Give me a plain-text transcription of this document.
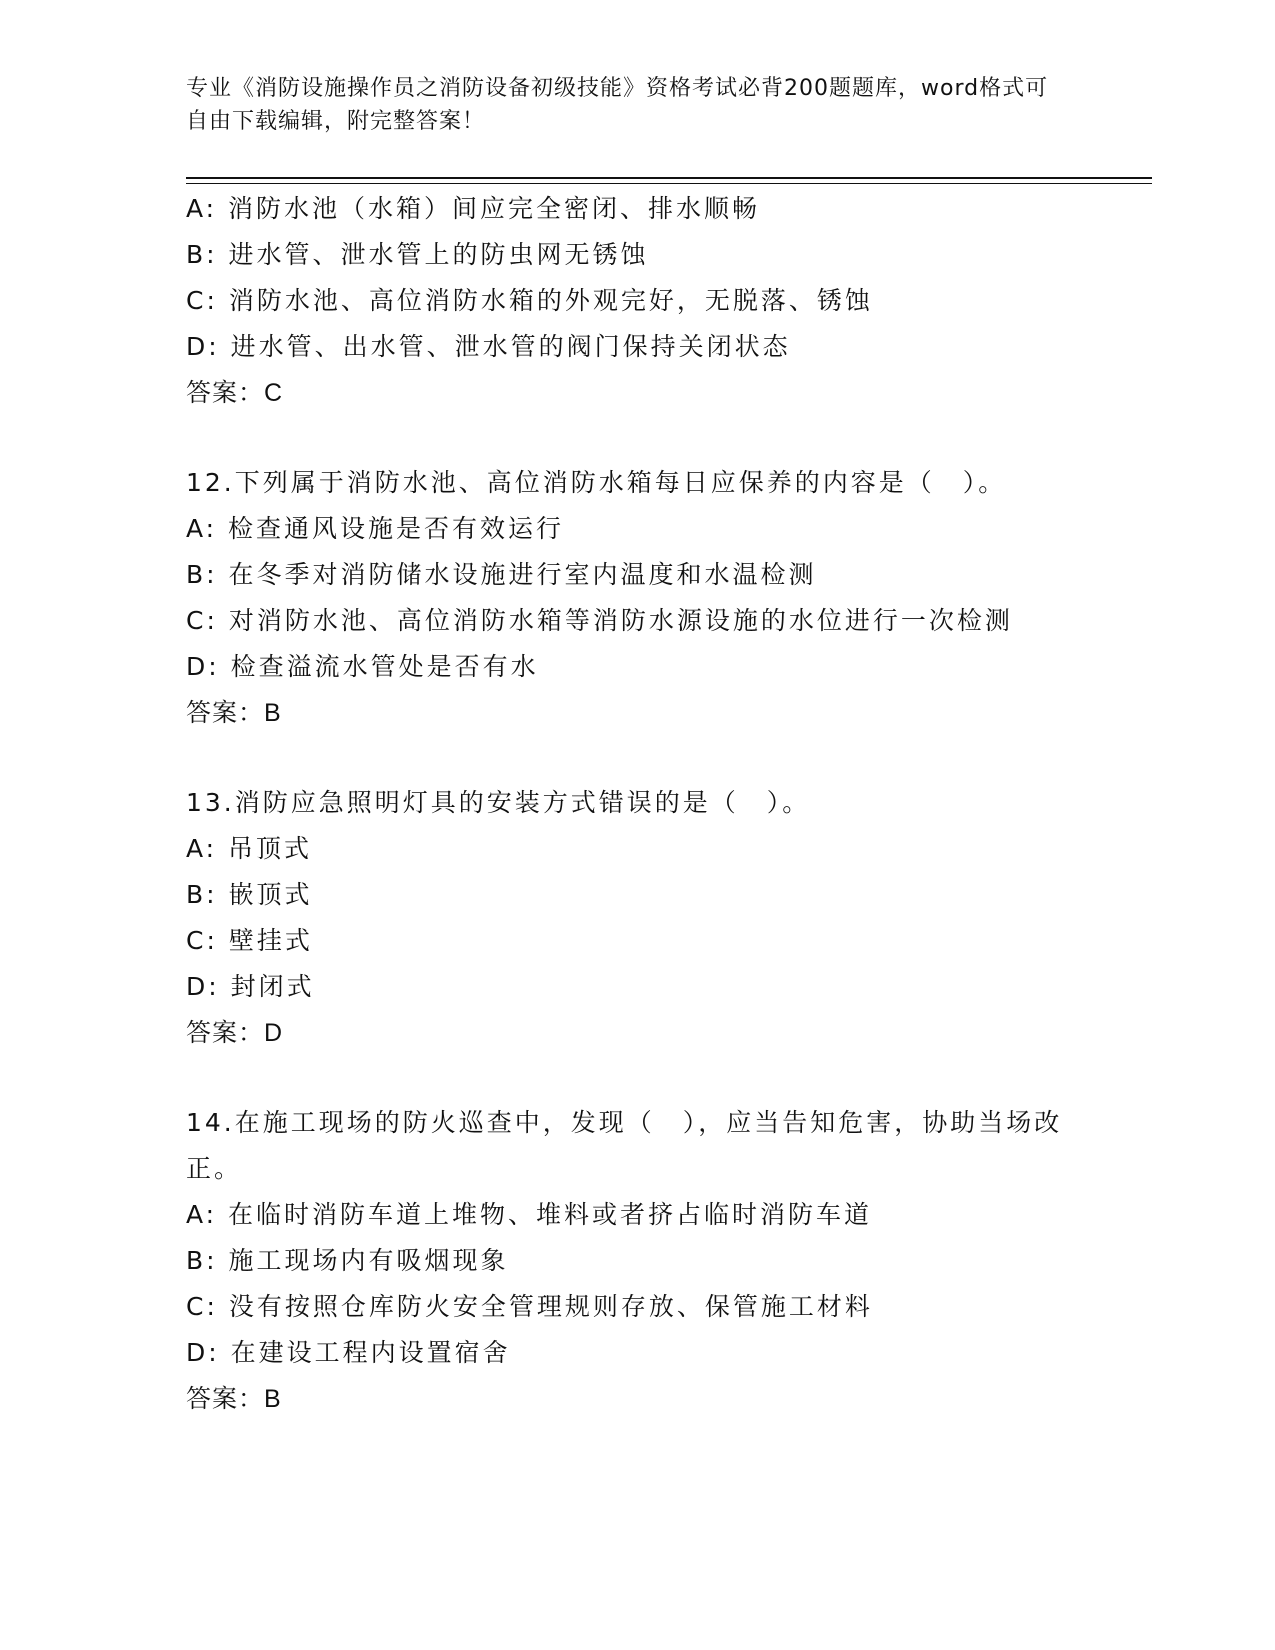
专业《消防设施操作员之消防设备初级技能》资格考试必背200题题库，word格式可自由下载编辑，附完整答案！
A: 消防水池（水箱）间应完全密闭、排水顺畅
B: 进水管、泄水管上的防虫网无锈蚀
C: 消防水池、高位消防水箱的外观完好，无脱落、锈蚀
D: 进水管、出水管、泄水管的阀门保持关闭状态
答案：C
12.下列属于消防水池、高位消防水箱每日应保养的内容是（　）。
A: 检查通风设施是否有效运行
B: 在冬季对消防储水设施进行室内温度和水温检测
C: 对消防水池、高位消防水箱等消防水源设施的水位进行一次检测
D: 检查溢流水管处是否有水
答案：B
13.消防应急照明灯具的安装方式错误的是（　）。
A: 吊顶式
B: 嵌顶式
C: 壁挂式
D: 封闭式
答案：D
14.在施工现场的防火巡查中，发现（　），应当告知危害，协助当场改正。
A: 在临时消防车道上堆物、堆料或者挤占临时消防车道
B: 施工现场内有吸烟现象
C: 没有按照仓库防火安全管理规则存放、保管施工材料
D: 在建设工程内设置宿舍
答案：B
